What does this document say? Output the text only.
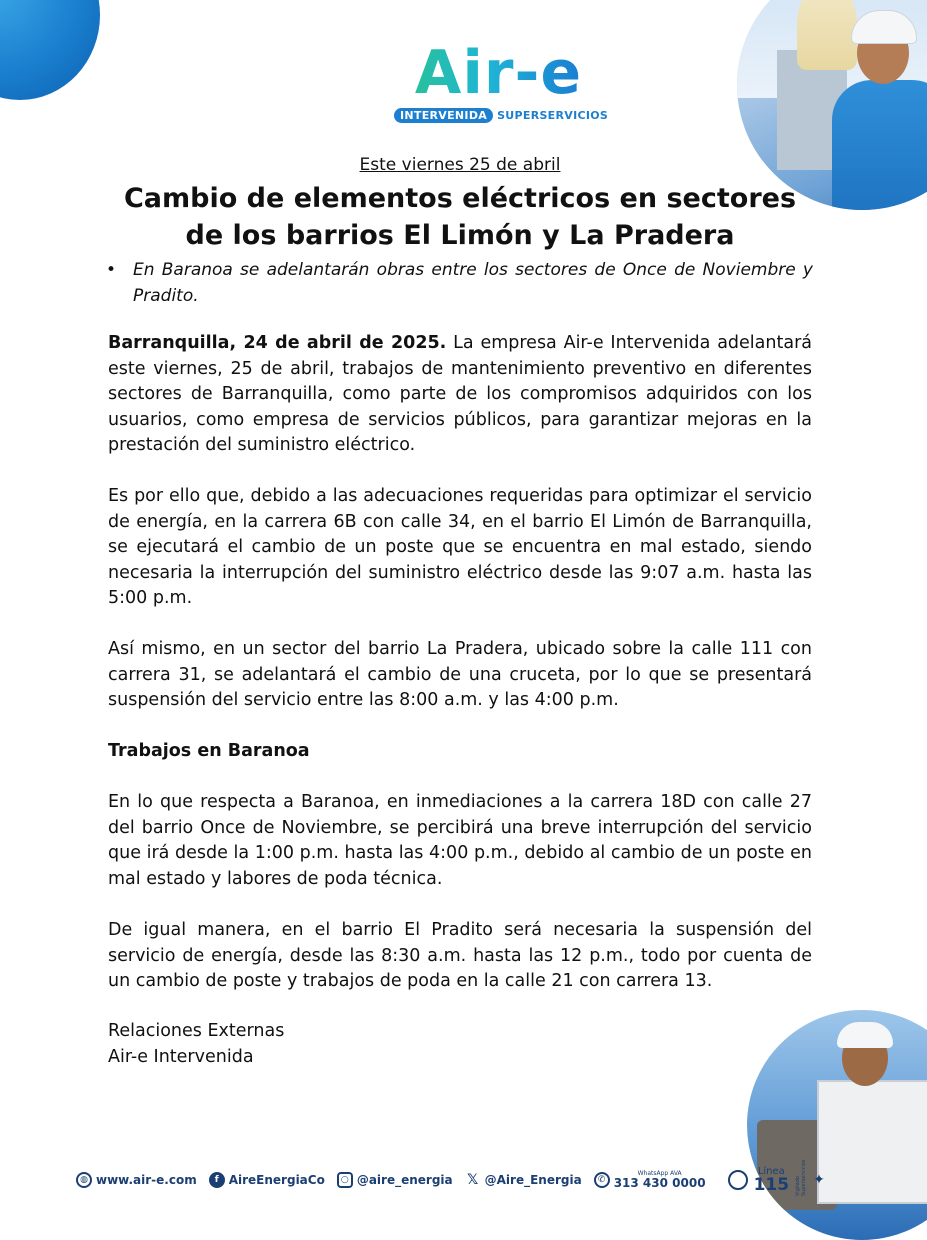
Air-e
INTERVENIDA SUPERSERVICIOS
Este viernes 25 de abril
Cambio de elementos eléctricos en sectores
de los barrios El Limón y La Pradera
• En Baranoa se adelantarán obras entre los sectores de Once de Noviembre y Pradito.
Barranquilla, 24 de abril de 2025. La empresa Air-e Intervenida adelantará este viernes, 25 de abril, trabajos de mantenimiento preventivo en diferentes sectores de Barranquilla, como parte de los compromisos adquiridos con los usuarios, como empresa de servicios públicos, para garantizar mejoras en la prestación del suministro eléctrico.
Es por ello que, debido a las adecuaciones requeridas para optimizar el servicio de energía, en la carrera 6B con calle 34, en el barrio El Limón de Barranquilla, se ejecutará el cambio de un poste que se encuentra en mal estado, siendo necesaria la interrupción del suministro eléctrico desde las 9:07 a.m. hasta las 5:00 p.m.
Así mismo, en un sector del barrio La Pradera, ubicado sobre la calle 111 con carrera 31, se adelantará el cambio de una cruceta, por lo que se presentará suspensión del servicio entre las 8:00 a.m. y las 4:00 p.m.
Trabajos en Baranoa
En lo que respecta a Baranoa, en inmediaciones a la carrera 18D con calle 27 del barrio Once de Noviembre, se percibirá una breve interrupción del servicio que irá desde la 1:00 p.m. hasta las 4:00 p.m., debido al cambio de un poste en mal estado y labores de poda técnica.
De igual manera, en el barrio El Pradito será necesaria la suspensión del servicio de energía, desde las 8:30 a.m. hasta las 12 p.m., todo por cuenta de un cambio de poste y trabajos de poda en la calle 21 con carrera 13.
Relaciones Externas
Air-e Intervenida
◍ www.air-e.com	f AireEnergiaCo	○ @aire_energia 𝕏 @Aire_Energia	✆
WhatsApp AVA
313 430 0000
Línea
115 Vigilado Superservicios ✦
